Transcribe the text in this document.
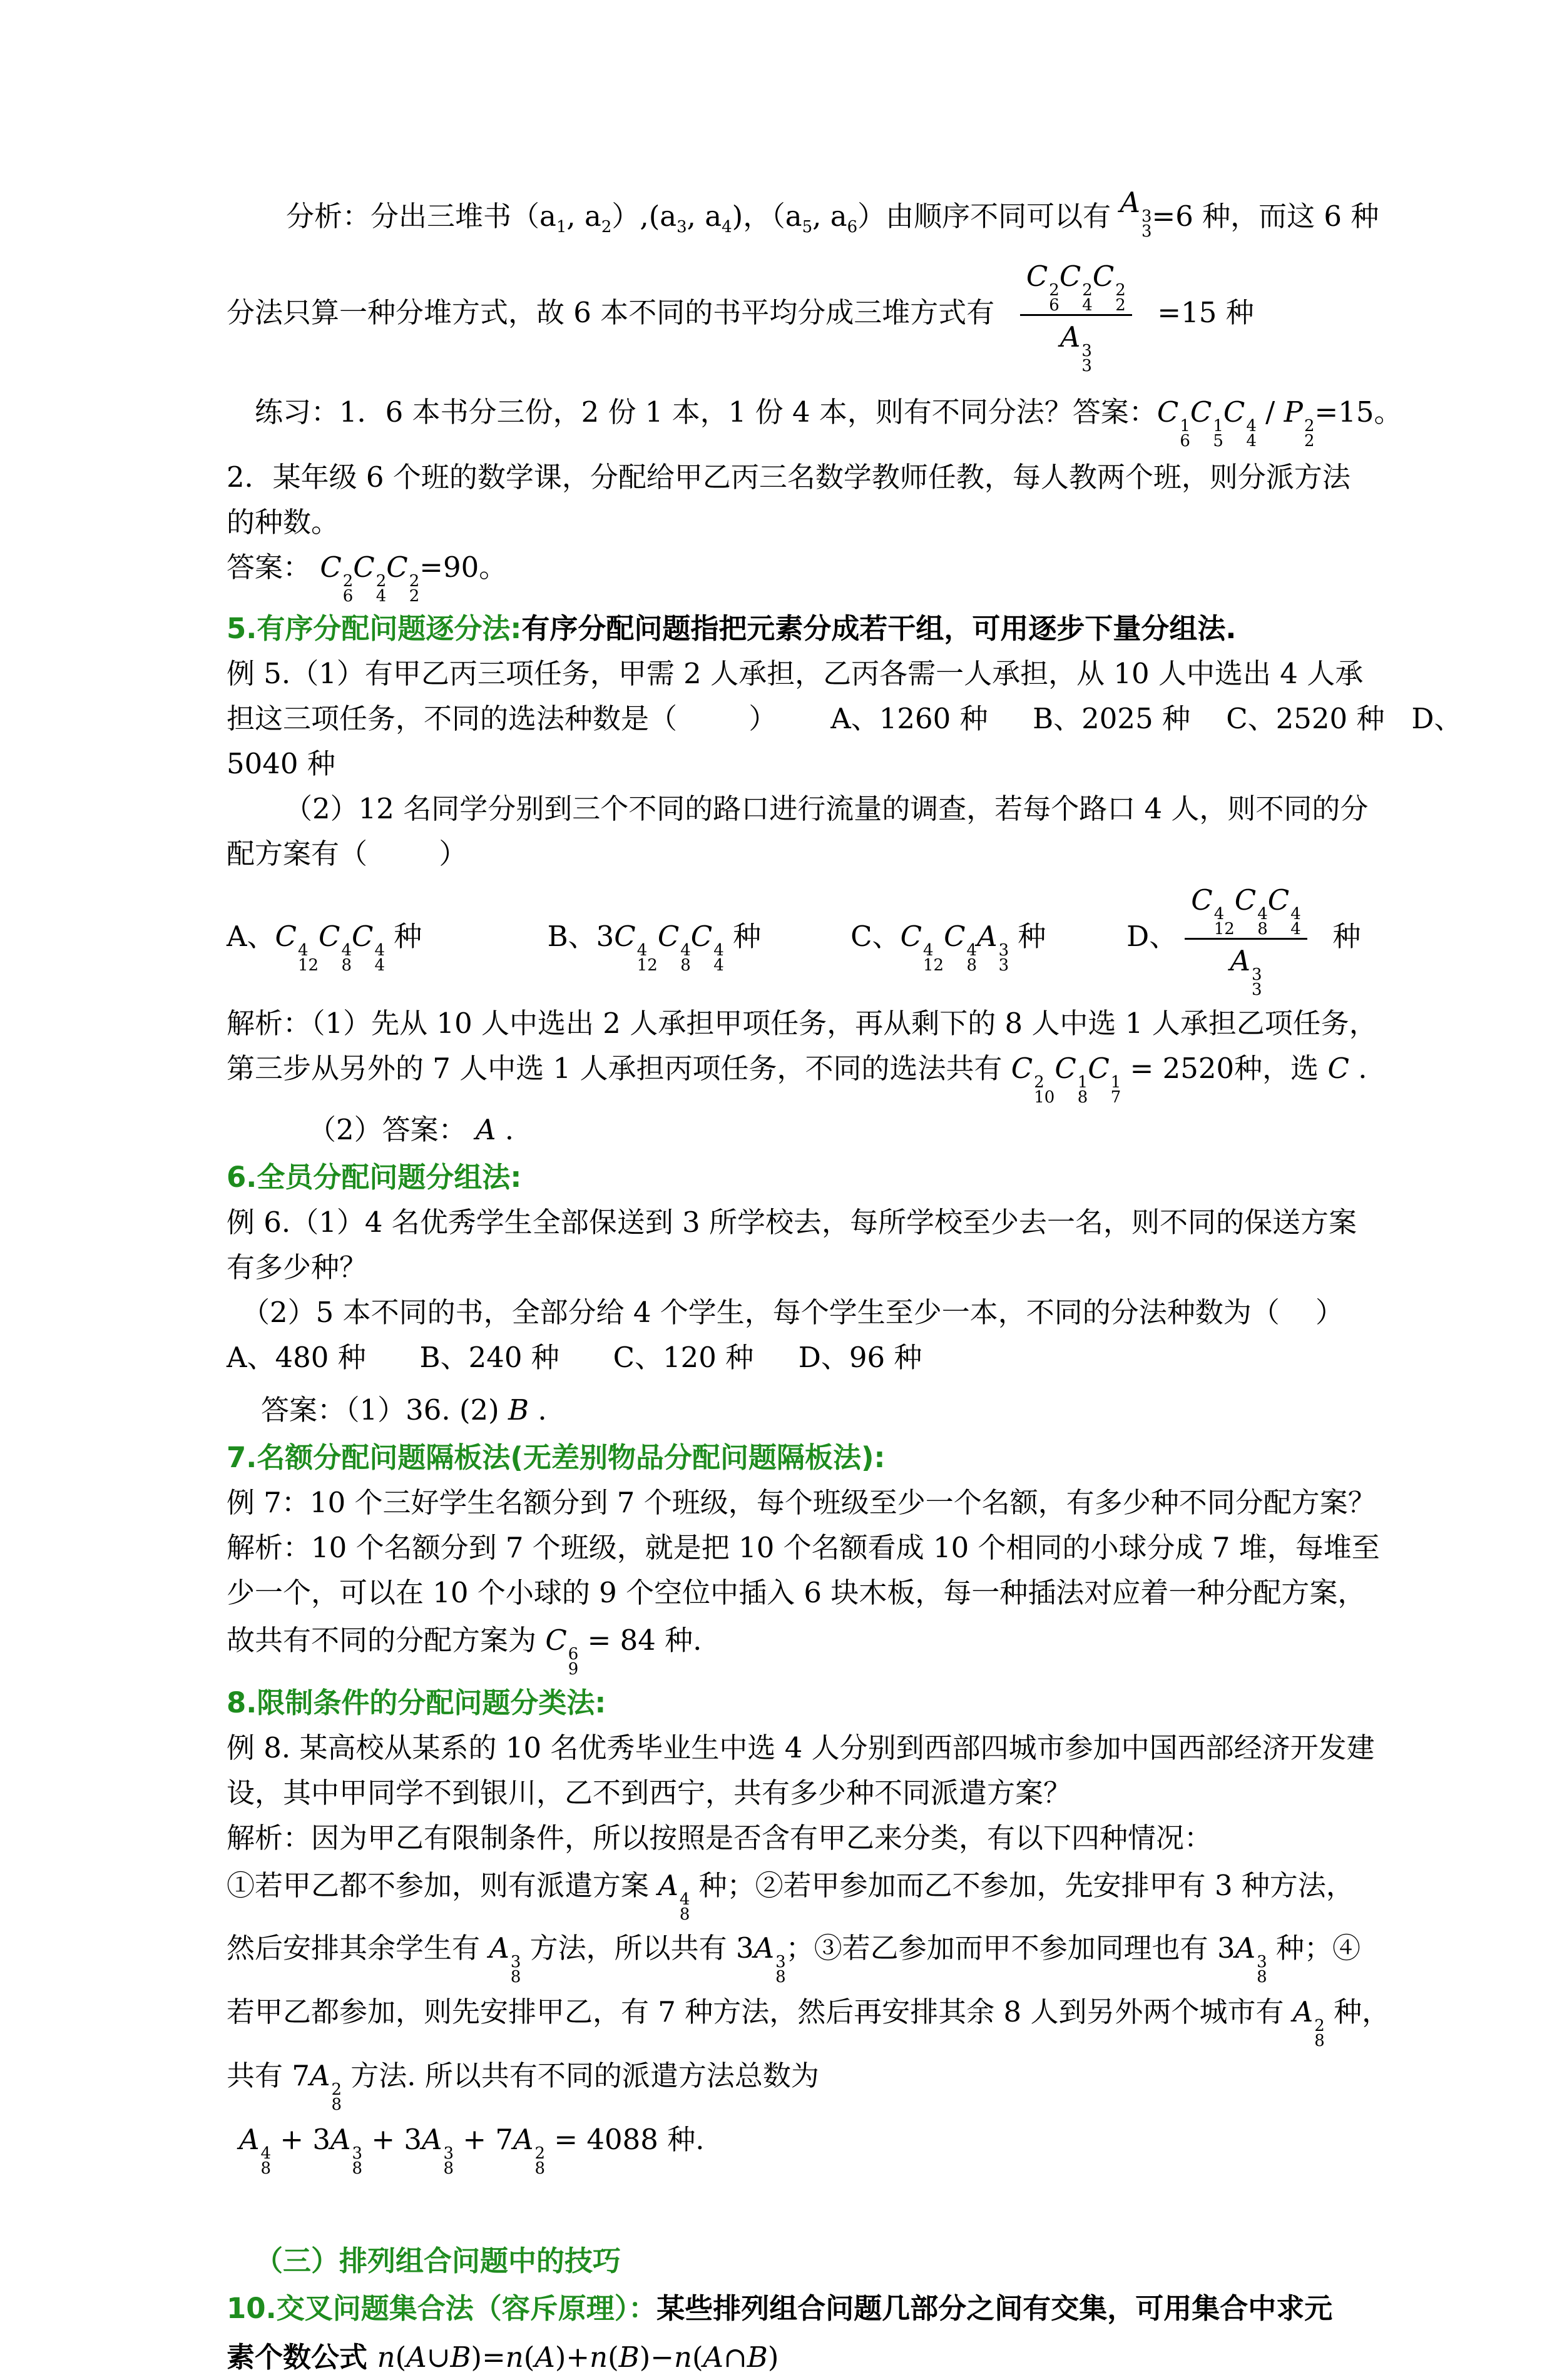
分析：分出三堆书（$a_1$, $a_2),(a_3$, $a_4$)，（$a_5$, $a_6$）由顺序不同可以有 A 3
3 =6 种，而这 6 种
分法只算一种分堆方式，故 6 本不同的书平均分成三堆方式有 C 2
6
C 2
4
C 2
2
A 3
3 =15 种
练习：1．6 本书分三份，2 份 1 本，1 份 4 本，则有不同分法？答案：C 1
6
C 1
5
C 4
4
/ P 2
2
=15。
2．某年级 6 个班的数学课，分配给甲乙丙三名数学教师任教，每人教两个班，则分派方法
的种数。
答案： C 2
6
C 2
4
C 2
2
=90。
5.有序分配问题逐分法:有序分配问题指把元素分成若干组，可用逐步下量分组法.
例 5.（1）有甲乙丙三项任务，甲需 2 人承担，乙丙各需一人承担，从 10 人中选出 4 人承
担这三项任务，不同的选法种数是（        ）      A、1260 种     B、2025 种    C、2520 种   D、
5040 种
（2）12 名同学分别到三个不同的路口进行流量的调查，若每个路口 4 人，则不同的分
配方案有（        ）
A、C 4
12
C 4
8
C 4
4
种              B、3C 4
12
C 4
8
C 4
4
种          C、C 4
12
C 4
8
A 3
3
种         D、 C 4
12
C 4
8
C 4
4
A 3
3 种
解析：（1）先从 10 人中选出 2 人承担甲项任务，再从剩下的 8 人中选 1 人承担乙项任务，
第三步从另外的 7 人中选 1 人承担丙项任务，不同的选法共有 C 2
10
C 1
8
C 1
7
= 2520种，选 C .
（2）答案： A .
6.全员分配问题分组法:
例 6.（1）4 名优秀学生全部保送到 3 所学校去，每所学校至少去一名，则不同的保送方案
有多少种？
（2）5 本不同的书，全部分给 4 个学生，每个学生至少一本，不同的分法种数为（    ）
A、480 种      B、240 种      C、120 种     D、96 种
答案：（1）36. (2) B .
7.名额分配问题隔板法(无差别物品分配问题隔板法):
例 7：10 个三好学生名额分到 7 个班级，每个班级至少一个名额，有多少种不同分配方案？
解析：10 个名额分到 7 个班级，就是把 10 个名额看成 10 个相同的小球分成 7 堆，每堆至
少一个，可以在 10 个小球的 9 个空位中插入 6 块木板，每一种插法对应着一种分配方案，
故共有不同的分配方案为 C 6
9
= 84 种.
8.限制条件的分配问题分类法:
例 8. 某高校从某系的 10 名优秀毕业生中选 4 人分别到西部四城市参加中国西部经济开发建
设，其中甲同学不到银川，乙不到西宁，共有多少种不同派遣方案？
解析：因为甲乙有限制条件，所以按照是否含有甲乙来分类，有以下四种情况：
①若甲乙都不参加，则有派遣方案 A 4
8
种；②若甲参加而乙不参加，先安排甲有 3 种方法，
然后安排其余学生有 A 3
8
方法，所以共有 3A 3
8
；③若乙参加而甲不参加同理也有 3A 3
8
种；④
若甲乙都参加，则先安排甲乙，有 7 种方法，然后再安排其余 8 人到另外两个城市有 A 2
8
种，
共有 7A 2
8
方法. 所以共有不同的派遣方法总数为
A 4
8
+ 3A 3
8
+ 3A 3
8
+ 7A 2
8
= 4088 种.
（三）排列组合问题中的技巧
10.交叉问题集合法（容斥原理）：某些排列组合问题几部分之间有交集，可用集合中求元
素个数公式 n(A∪B)=n(A)+n(B)−n(A∩B)
